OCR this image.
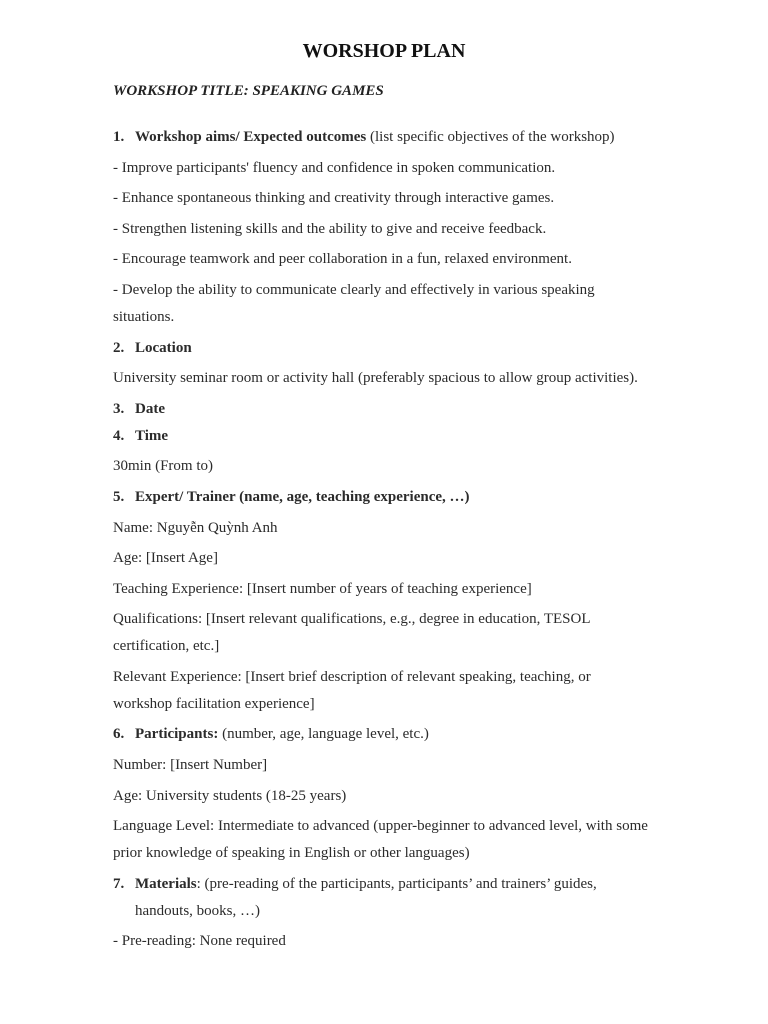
WORSHOP PLAN
WORKSHOP TITLE: SPEAKING GAMES
1. Workshop aims/ Expected outcomes (list specific objectives of the workshop)
- Improve participants' fluency and confidence in spoken communication.
- Enhance spontaneous thinking and creativity through interactive games.
- Strengthen listening skills and the ability to give and receive feedback.
- Encourage teamwork and peer collaboration in a fun, relaxed environment.
- Develop the ability to communicate clearly and effectively in various speaking
situations.
2. Location
University seminar room or activity hall (preferably spacious to allow group activities).
3. Date
4. Time
30min (From to)
5. Expert/ Trainer (name, age, teaching experience, …)
Name: Nguyễn Quỳnh Anh
Age: [Insert Age]
Teaching Experience: [Insert number of years of teaching experience]
Qualifications: [Insert relevant qualifications, e.g., degree in education, TESOL
certification, etc.]
Relevant Experience: [Insert brief description of relevant speaking, teaching, or
workshop facilitation experience]
6. Participants: (number, age, language level, etc.)
Number: [Insert Number]
Age: University students (18-25 years)
Language Level: Intermediate to advanced (upper-beginner to advanced level, with some
prior knowledge of speaking in English or other languages)
7. Materials: (pre-reading of the participants, participants’ and trainers’ guides,
handouts, books, …)
- Pre-reading: None required
